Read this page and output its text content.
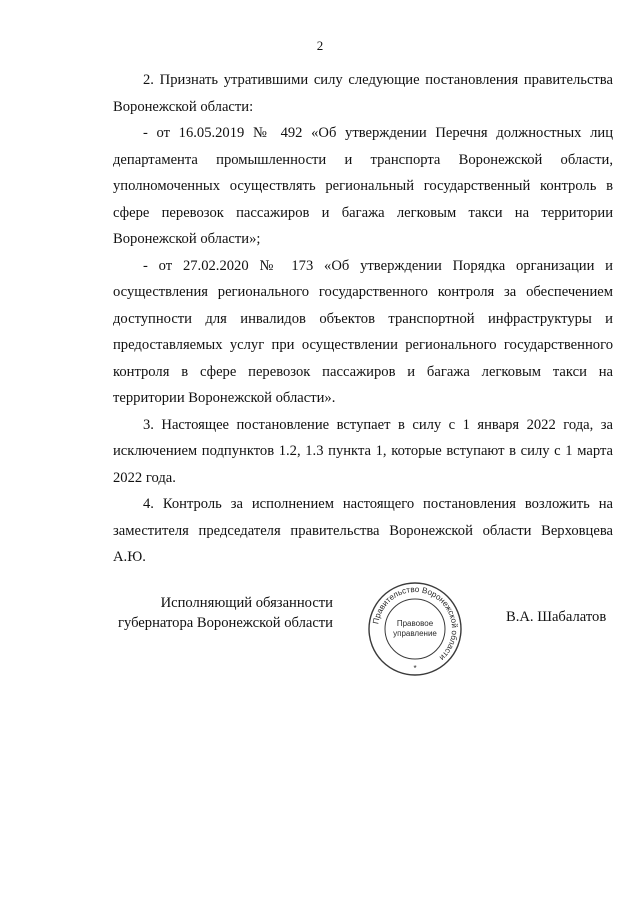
2

2. Признать утратившими силу следующие постановления правительства Воронежской области:

- от 16.05.2019 № 492 «Об утверждении Перечня должностных лиц департамента промышленности и транспорта Воронежской области, уполномоченных осуществлять региональный государственный контроль в сфере перевозок пассажиров и багажа легковым такси на территории Воронежской области»;

- от 27.02.2020 № 173 «Об утверждении Порядка организации и осуществления регионального государственного контроля за обеспечением доступности для инвалидов объектов транспортной инфраструктуры и предоставляемых услуг при осуществлении регионального государственного контроля в сфере перевозок пассажиров и багажа легковым такси на территории Воронежской области».

3. Настоящее постановление вступает в силу с 1 января 2022 года, за исключением подпунктов 1.2, 1.3 пункта 1, которые вступают в силу с 1 марта 2022 года.

4. Контроль за исполнением настоящего постановления возложить на заместителя председателя правительства Воронежской области Верховцева А.Ю.

Исполняющий обязанности
губернатора Воронежской области	Правительство Воронежской области
Правовое
управление
*
В.А. Шабалатов
